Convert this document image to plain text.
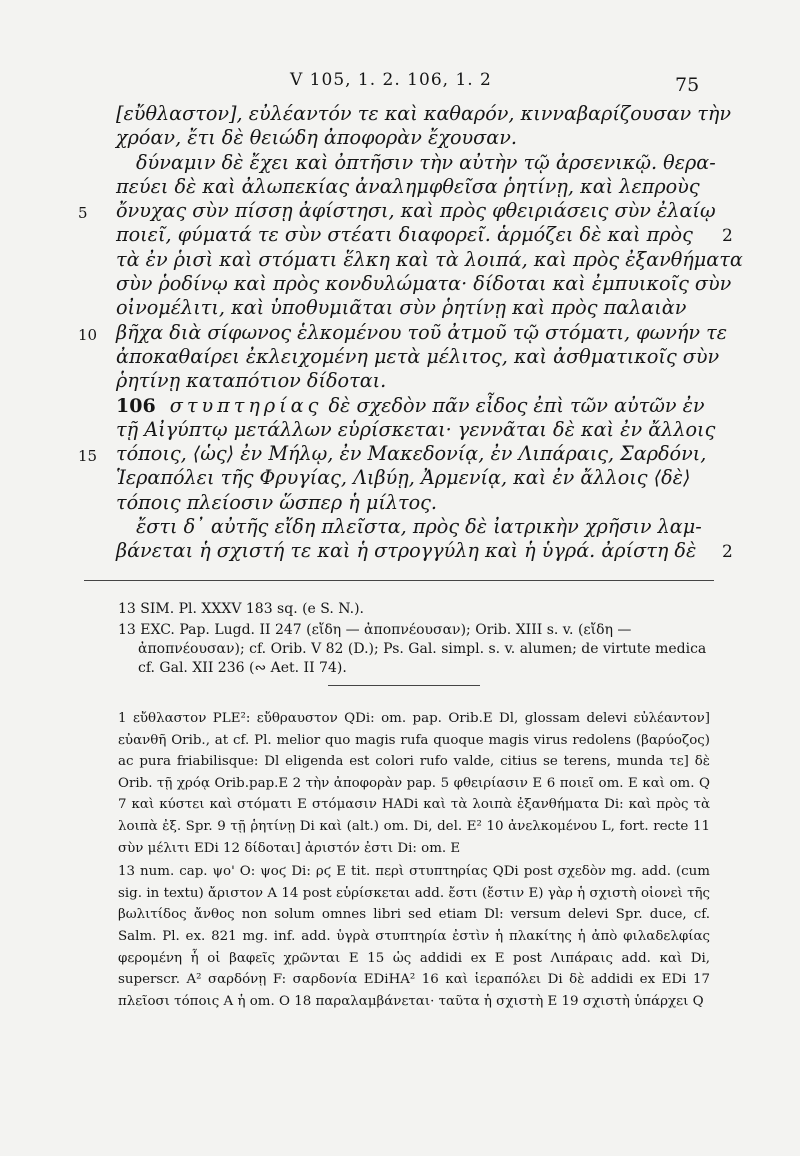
V 105, 1. 2. 106, 1. 2	75
[εὔθλαστον], εὐλέαντόν τε καὶ καθαρόν, κινναβαρίζουσαν τὴν
χρόαν, ἔτι δὲ θειώδη ἀποφορὰν ἔχουσαν.
δύναμιν δὲ ἔχει καὶ ὀπτῆσιν τὴν αὐτὴν τῷ ἀρσενικῷ. θερα-
πεύει δὲ καὶ ἀλωπεκίας ἀναλημφθεῖσα ῥητίνῃ, καὶ λεπροὺς
5 ὄνυχας σὺν πίσσῃ ἀφίστησι, καὶ πρὸς φθειριάσεις σὺν ἐλαίῳ
ποιεῖ, φύματά τε σὺν στέατι διαφορεῖ. ἁρμόζει δὲ καὶ πρὸς 2
τὰ ἐν ῥισὶ καὶ στόματι ἕλκη καὶ τὰ λοιπά, καὶ πρὸς ἐξανθήματα
σὺν ῥοδίνῳ καὶ πρὸς κονδυλώματα· δίδοται καὶ ἐμπυικοῖς σὺν
οἰνομέλιτι, καὶ ὑποθυμιᾶται σὺν ῥητίνῃ καὶ πρὸς παλαιὰν
10 βῆχα διὰ σίφωνος ἑλκομένου τοῦ ἀτμοῦ τῷ στόματι, φωνήν τε
ἀποκαθαίρει ἐκλειχομένη μετὰ μέλιτος, καὶ ἀσθματικοῖς σὺν
ῥητίνῃ καταπότιον δίδοται.
106 στυπτηρίας δὲ σχεδὸν πᾶν εἶδος ἐπὶ τῶν αὐτῶν ἐν
τῇ Αἰγύπτῳ μετάλλων εὑρίσκεται· γεννᾶται δὲ καὶ ἐν ἄλλοις
15 τόποις, ⟨ὡς⟩ ἐν Μήλῳ, ἐν Μακεδονίᾳ, ἐν Λιπάραις, Σαρδόνι,
Ἱεραπόλει τῆς Φρυγίας, Λιβύῃ, Ἀρμενίᾳ, καὶ ἐν ἄλλοις ⟨δὲ⟩
τόποις πλείοσιν ὥσπερ ἡ μίλτος.
ἔστι δ᾽ αὐτῆς εἴδη πλεῖστα, πρὸς δὲ ἰατρικὴν χρῆσιν λαμ-
βάνεται ἡ σχιστή τε καὶ ἡ στρογγύλη καὶ ἡ ὑγρά. ἀρίστη δὲ 2

13 SIM. Pl. XXXV 183 sq. (e S. N.).

13 EXC. Pap. Lugd. II 247 (εἴδη — ἀποπνέουσαν); Orib. XIII s. v. (εἴδη — ἀποπνέουσαν); cf. Orib. V 82 (D.); Ps. Gal. simpl. s. v. alumen; de virtute medica cf. Gal. XII 236 (∾ Aet. II 74).

1 εὔθλαστον PLE²: εὔθραυστον QDi: om. pap. Orib.E Dl, glossam delevi εὐλέαντον] εὐανθῆ Orib., at cf. Pl. melior quo magis rufa quoque magis virus redolens (βαρύοζος) ac pura friabilisque: Dl eligenda est colori rufo valde, citius se terens, munda τε] δὲ Orib. τῇ χρόᾳ Orib.pap.E 2 τὴν ἀποφορὰν pap. 5 φθειρίασιν E 6 ποιεῖ om. E καὶ om. Q 7 καὶ κύστει καὶ στόματι E στόμασιν HADi καὶ τὰ λοιπὰ ἐξανθήματα Di: καὶ πρὸς τὰ λοιπὰ ἐξ. Spr. 9 τῇ ῥητίνῃ Di καὶ (alt.) om. Di, del. E² 10 ἀνελκομένου L, fort. recte 11 σὺν μέλιτι EDi 12 δίδοται] ἀριστόν ἐστι Di: om. E

13 num. cap. ψο' O: ψοϛ Di: ρϛ Ε tit. περὶ στυπτηρίας QDi post σχεδὸν mg. add. (cum sig. in textu) ἄριστον A 14 post εὑρίσκεται add. ἔστι (ἔστιν E) γὰρ ἡ σχιστὴ οἱονεὶ τῆς βωλιτίδος ἄνθος non solum omnes libri sed etiam Dl: versum delevi Spr. duce, cf. Salm. Pl. ex. 821 mg. inf. add. ὑγρὰ στυπτηρία ἐστὶν ἡ πλακίτης ἡ ἀπὸ φιλαδελφίας φερομένη ἧ οἱ βαφεῖς χρῶνται E 15 ὡς addidi ex E post Λιπάραις add. καὶ Di, superscr. A² σαρδόνῃ F: σαρδονία EDiHA² 16 καὶ ἱεραπόλει Di δὲ addidi ex EDi 17 πλεῖοσι τόποις A ἡ om. O 18 παραλαμβάνεται· ταῦτα ἡ σχιστὴ E 19 σχιστὴ ὑπάρχει Q
